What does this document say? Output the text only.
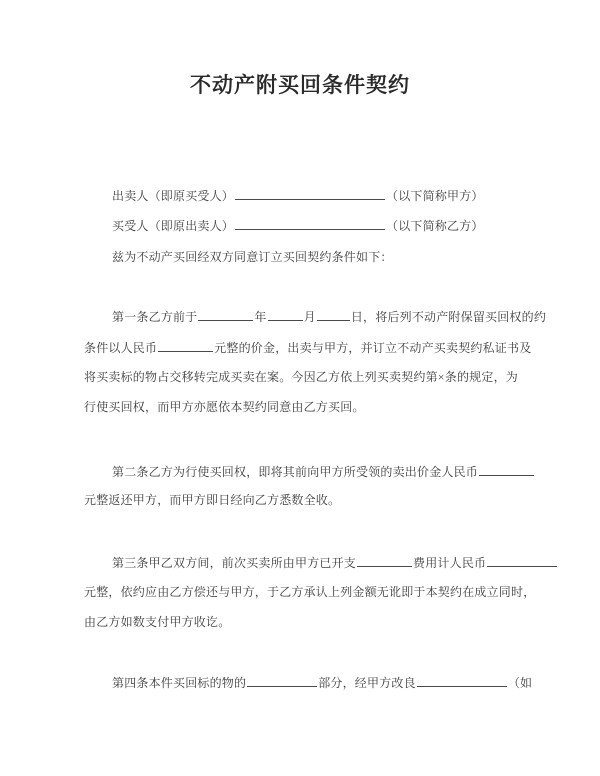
不动产附买回条件契约
出卖人（即原买受人）	（以下简称甲方）
买受人（即原出卖人）	（以下简称乙方）
兹为不动产买回经双方同意订立买回契约条件如下：
第一条乙方前于	年	月	日，将后列不动产附保留买回权的约
条件以人民币	元整的价金，出卖与甲方，并订立不动产买卖契约私证书及
将买卖标的物占交移转完成买卖在案。今因乙方依上列买卖契约第×条的规定，为
行使买回权，而甲方亦愿依本契约同意由乙方买回。
第二条乙方为行使买回权，即将其前向甲方所受领的卖出价金人民币
元整返还甲方，而甲方即日经向乙方悉数全收。
第三条甲乙双方间，前次买卖所由甲方已开支	费用计人民币
元整，依约应由乙方偿还与甲方，于乙方承认上列金额无讹即于本契约在成立同时，
由乙方如数支付甲方收讫。
第四条本件买回标的物的	部分，经甲方改良	（如
